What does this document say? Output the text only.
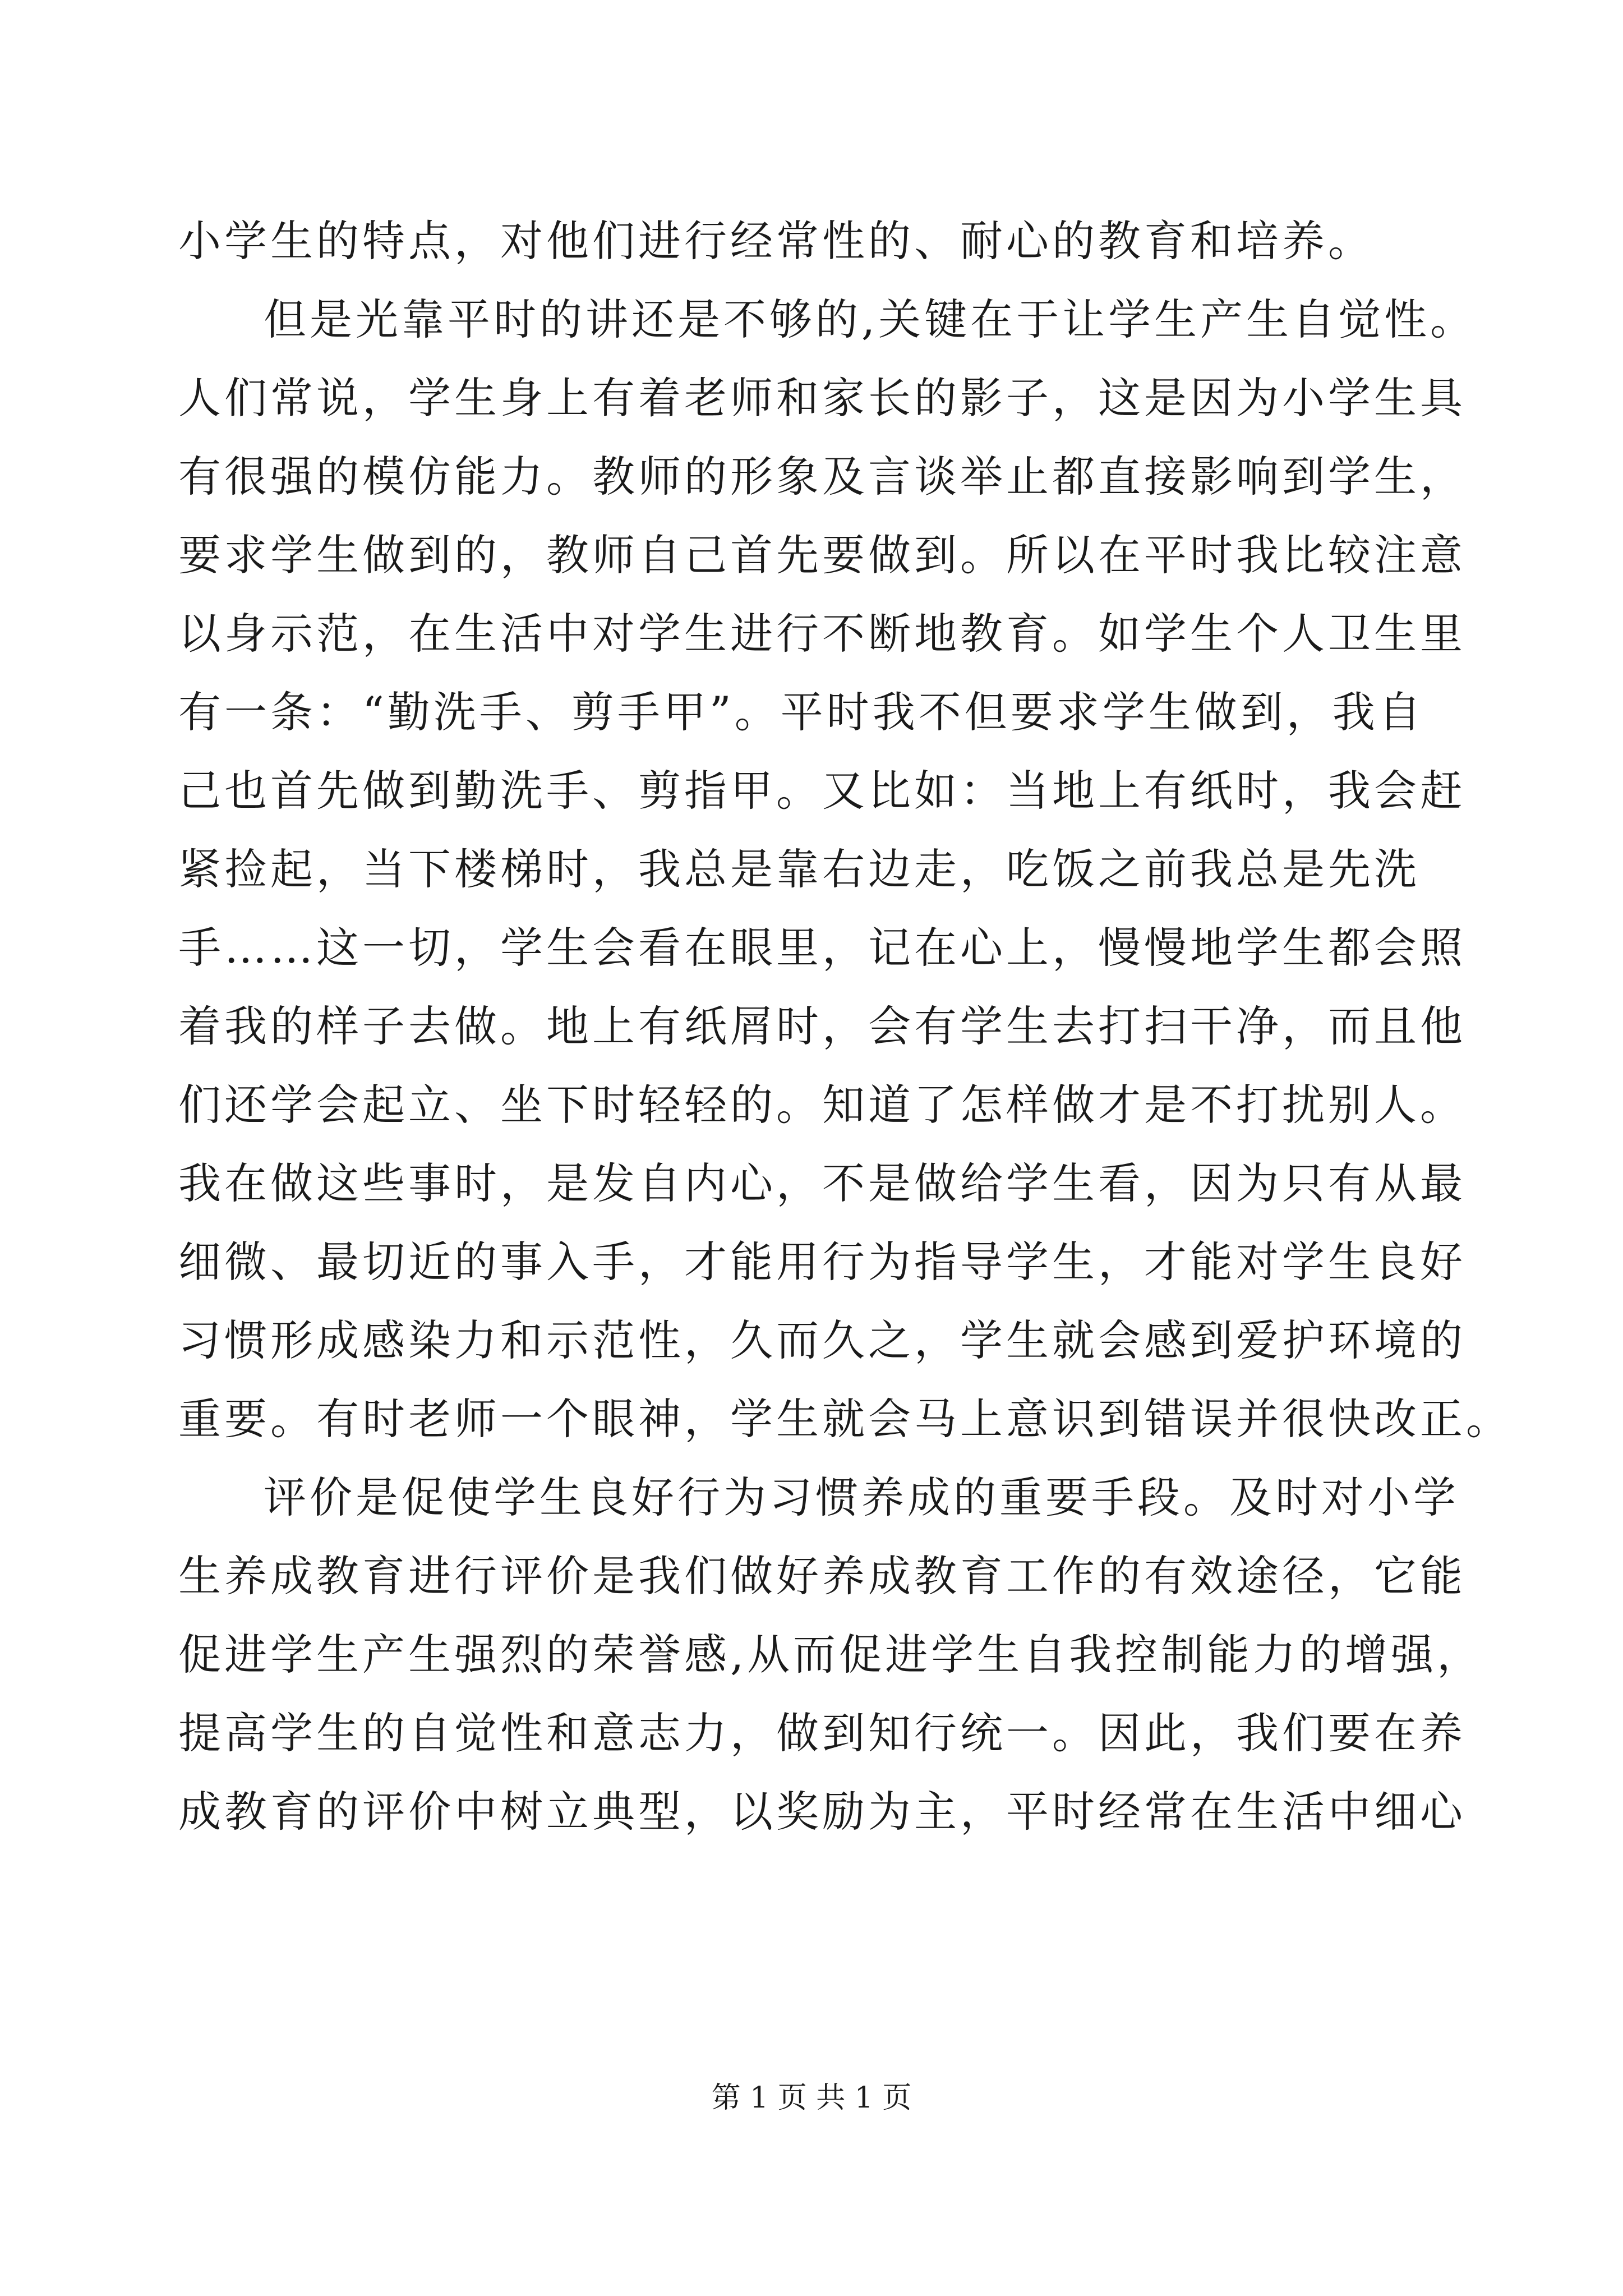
小学生的特点，对他们进行经常性的、耐心的教育和培养。
但是光靠平时的讲还是不够的,关键在于让学生产生自觉性。
人们常说，学生身上有着老师和家长的影子，这是因为小学生具
有很强的模仿能力。教师的形象及言谈举止都直接影响到学生，
要求学生做到的，教师自己首先要做到。所以在平时我比较注意
以身示范，在生活中对学生进行不断地教育。如学生个人卫生里
有一条：“勤洗手、剪手甲”。平时我不但要求学生做到，我自
己也首先做到勤洗手、剪指甲。又比如：当地上有纸时，我会赶
紧捡起，当下楼梯时，我总是靠右边走，吃饭之前我总是先洗
手……这一切，学生会看在眼里，记在心上，慢慢地学生都会照
着我的样子去做。地上有纸屑时，会有学生去打扫干净，而且他
们还学会起立、坐下时轻轻的。知道了怎样做才是不打扰别人。
我在做这些事时，是发自内心，不是做给学生看，因为只有从最
细微、最切近的事入手，才能用行为指导学生，才能对学生良好
习惯形成感染力和示范性，久而久之，学生就会感到爱护环境的
重要。有时老师一个眼神，学生就会马上意识到错误并很快改正。
评价是促使学生良好行为习惯养成的重要手段。及时对小学
生养成教育进行评价是我们做好养成教育工作的有效途径，它能
促进学生产生强烈的荣誉感,从而促进学生自我控制能力的增强，
提高学生的自觉性和意志力，做到知行统一。因此，我们要在养
成教育的评价中树立典型，以奖励为主，平时经常在生活中细心
第 1 页 共 1 页
